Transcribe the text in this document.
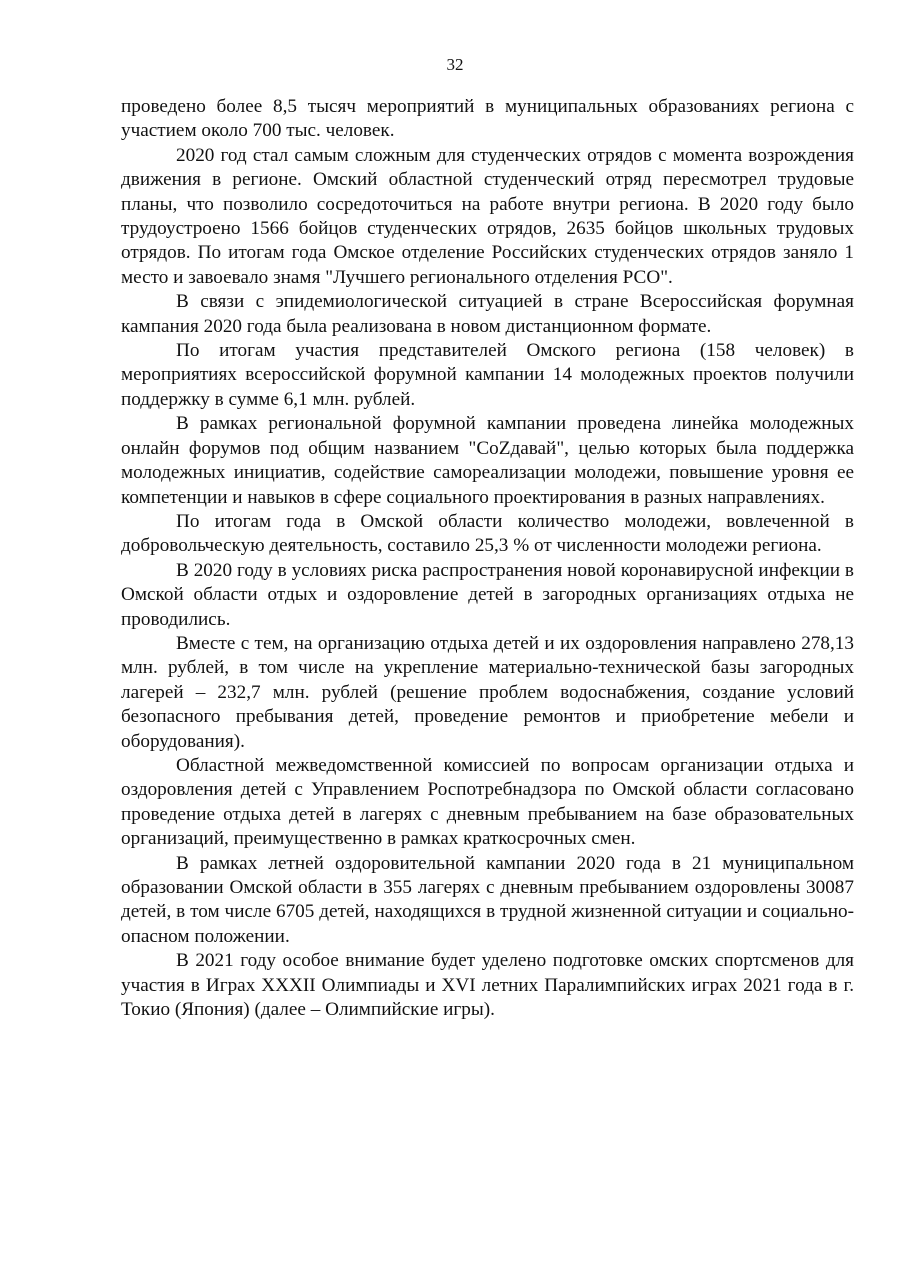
32

проведено более 8,5 тысяч мероприятий в муниципальных образованиях региона с участием около 700 тыс. человек.

2020 год стал самым сложным для студенческих отрядов с момента возрождения движения в регионе. Омский областной студенческий отряд пересмотрел трудовые планы, что позволило сосредоточиться на работе внутри региона. В 2020 году было трудоустроено 1566 бойцов студенческих отрядов, 2635 бойцов школьных трудовых отрядов. По итогам года Омское отделение Российских студенческих отрядов заняло 1 место и завоевало знамя "Лучшего регионального отделения РСО".

В связи с эпидемиологической ситуацией в стране Всероссийская форумная кампания 2020 года была реализована в новом дистанционном формате.

По итогам участия представителей Омского региона (158 человек) в мероприятиях всероссийской форумной кампании 14 молодежных проектов получили поддержку в сумме 6,1 млн. рублей.

В рамках региональной форумной кампании проведена линейка молодежных онлайн форумов под общим названием "CoZдавай", целью которых была поддержка молодежных инициатив, содействие самореализации молодежи, повышение уровня ее компетенции и навыков в сфере социального проектирования в разных направлениях.

По итогам года в Омской области количество молодежи, вовлеченной в добровольческую деятельность, составило 25,3 % от численности молодежи региона.

В 2020 году в условиях риска распространения новой коронавирусной инфекции в Омской области отдых и оздоровление детей в загородных организациях отдыха не проводились.

Вместе с тем, на организацию отдыха детей и их оздоровления направлено 278,13 млн. рублей, в том числе на укрепление материально-технической базы загородных лагерей – 232,7 млн. рублей (решение проблем водоснабжения, создание условий безопасного пребывания детей, проведение ремонтов и приобретение мебели и оборудования).

Областной межведомственной комиссией по вопросам организации отдыха и оздоровления детей с Управлением Роспотребнадзора по Омской области согласовано проведение отдыха детей в лагерях с дневным пребыванием на базе образовательных организаций, преимущественно в рамках краткосрочных смен.

В рамках летней оздоровительной кампании 2020 года в 21 муниципальном образовании Омской области в 355 лагерях с дневным пребыванием оздоровлены 30087 детей, в том числе 6705 детей, находящихся в трудной жизненной ситуации и социально-опасном положении.

В 2021 году особое внимание будет уделено подготовке омских спортсменов для участия в Играх XXXII Олимпиады и XVI летних Паралимпийских играх 2021 года в г. Токио (Япония) (далее – Олимпийские игры).
